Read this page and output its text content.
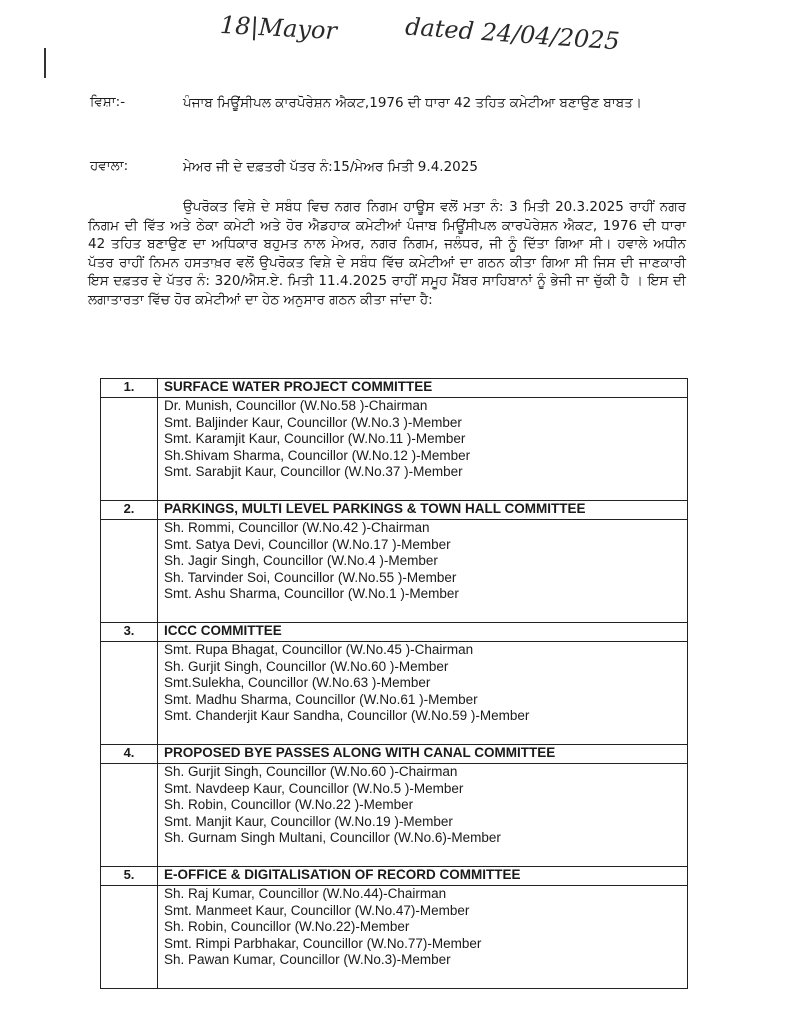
18|Mayor	dated 24/04/2025
ਵਿਸ਼ਾ:-	ਪੰਜਾਬ ਮਿਊਂਸੀਪਲ ਕਾਰਪੋਰੇਸ਼ਨ ਐਕਟ,1976 ਦੀ ਧਾਰਾ 42 ਤਹਿਤ ਕਮੇਟੀਆ ਬਣਾਉਣ ਬਾਬਤ।
ਹਵਾਲਾ:	ਮੇਅਰ ਜੀ ਦੇ ਦਫ਼ਤਰੀ ਪੱਤਰ ਨੰ:15/ਮੇਅਰ ਮਿਤੀ 9.4.2025
ਉਪਰੋਕਤ ਵਿਸ਼ੇ ਦੇ ਸਬੰਧ ਵਿਚ ਨਗਰ ਨਿਗਮ ਹਾਊਸ ਵਲੋਂ ਮਤਾ ਨੰ: 3 ਮਿਤੀ 20.3.2025 ਰਾਹੀਂ ਨਗਰ ਨਿਗਮ ਦੀ ਵਿੱਤ ਅਤੇ ਠੇਕਾ ਕਮੇਟੀ ਅਤੇ ਹੋਰ ਐਡਹਾਕ ਕਮੇਟੀਆਂ ਪੰਜਾਬ ਮਿਊਂਸੀਪਲ ਕਾਰਪੋਰੇਸ਼ਨ ਐਕਟ, 1976 ਦੀ ਧਾਰਾ 42 ਤਹਿਤ ਬਣਾਉਣ ਦਾ ਅਧਿਕਾਰ ਬਹੁਮਤ ਨਾਲ ਮੇਅਰ, ਨਗਰ ਨਿਗਮ, ਜਲੰਧਰ, ਜੀ ਨੂੰ ਦਿੱਤਾ ਗਿਆ ਸੀ। ਹਵਾਲੇ ਅਧੀਨ ਪੱਤਰ ਰਾਹੀਂ ਨਿਮਨ ਹਸਤਾਖ਼ਰ ਵਲੋਂ ਉਪਰੋਕਤ ਵਿਸ਼ੇ ਦੇ ਸਬੰਧ ਵਿੱਚ ਕਮੇਟੀਆਂ ਦਾ ਗਠਨ ਕੀਤਾ ਗਿਆ ਸੀ ਜਿਸ ਦੀ ਜਾਣਕਾਰੀ ਇਸ ਦਫ਼ਤਰ ਦੇ ਪੱਤਰ ਨੰ: 320/ਐਸ.ਏ. ਮਿਤੀ 11.4.2025 ਰਾਹੀਂ ਸਮੂਹ ਮੈਂਬਰ ਸਾਹਿਬਾਨਾਂ ਨੂੰ ਭੇਜੀ ਜਾ ਚੁੱਕੀ ਹੈ । ਇਸ ਦੀ ਲਗਾਤਾਰਤਾ ਵਿੱਚ ਹੋਰ ਕਮੇਟੀਆਂ ਦਾ ਹੇਠ ਅਨੁਸਾਰ ਗਠਨ ਕੀਤਾ ਜਾਂਦਾ ਹੈ:
1.	SURFACE WATER PROJECT COMMITTEE

	Dr. Munish, Councillor (W.No.58 )-Chairman
Smt. Baljinder Kaur, Councillor (W.No.3 )-Member
Smt. Karamjit Kaur, Councillor (W.No.11 )-Member
Sh.Shivam Sharma, Councillor (W.No.12 )-Member
Smt. Sarabjit Kaur, Councillor (W.No.37 )-Member

2.	PARKINGS, MULTI LEVEL PARKINGS & TOWN HALL COMMITTEE

	Sh. Rommi, Councillor (W.No.42 )-Chairman
Smt. Satya Devi, Councillor (W.No.17 )-Member
Sh. Jagir Singh, Councillor (W.No.4 )-Member
Sh. Tarvinder Soi, Councillor (W.No.55 )-Member
Smt. Ashu Sharma, Councillor (W.No.1 )-Member

3.	ICCC COMMITTEE

	Smt. Rupa Bhagat, Councillor (W.No.45 )-Chairman
Sh. Gurjit Singh, Councillor (W.No.60 )-Member
Smt.Sulekha, Councillor (W.No.63 )-Member
Smt. Madhu Sharma, Councillor (W.No.61 )-Member
Smt. Chanderjit Kaur Sandha, Councillor (W.No.59 )-Member

4.	PROPOSED BYE PASSES ALONG WITH CANAL COMMITTEE

	Sh. Gurjit Singh, Councillor (W.No.60 )-Chairman
Smt. Navdeep Kaur, Councillor (W.No.5 )-Member
Sh. Robin, Councillor (W.No.22 )-Member
Smt. Manjit Kaur, Councillor (W.No.19 )-Member
Sh. Gurnam Singh Multani, Councillor (W.No.6)-Member

5.	E-OFFICE & DIGITALISATION OF RECORD COMMITTEE

	Sh. Raj Kumar, Councillor (W.No.44)-Chairman
Smt. Manmeet Kaur, Councillor (W.No.47)-Member
Sh. Robin, Councillor (W.No.22)-Member
Smt. Rimpi Parbhakar, Councillor (W.No.77)-Member
Sh. Pawan Kumar, Councillor (W.No.3)-Member
